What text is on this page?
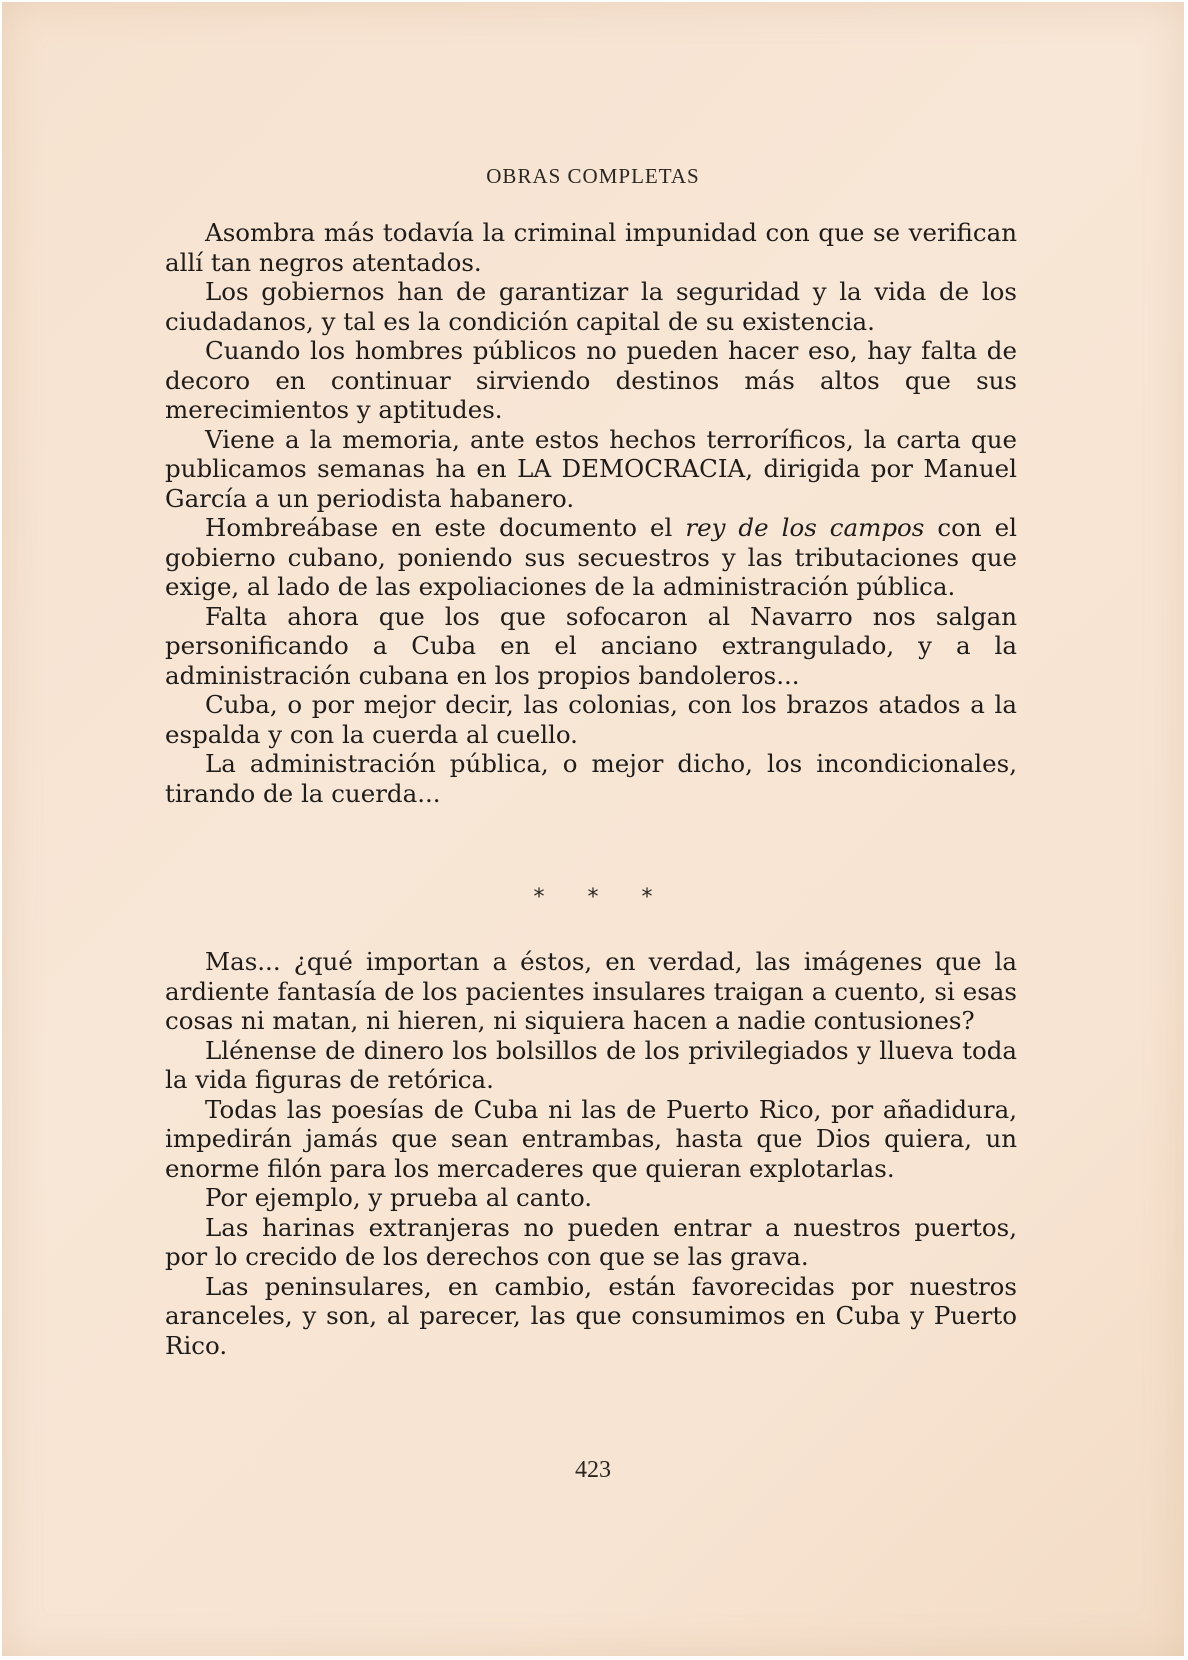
OBRAS COMPLETAS

Asombra más todavía la criminal impunidad con que se verifican allí tan negros atentados.

Los gobiernos han de garantizar la seguridad y la vida de los ciudadanos, y tal es la condición capital de su existencia.

Cuando los hombres públicos no pueden hacer eso, hay falta de decoro en continuar sirviendo destinos más altos que sus merecimientos y aptitudes.

Viene a la memoria, ante estos hechos terroríficos, la carta que publicamos semanas ha en LA DEMOCRACIA, dirigida por Manuel García a un periodista habanero.

Hombreábase en este documento el rey de los campos con el gobierno cubano, poniendo sus secuestros y las tributaciones que exige, al lado de las expoliaciones de la administración pública.

Falta ahora que los que sofocaron al Navarro nos salgan personificando a Cuba en el anciano extrangulado, y a la administración cubana en los propios bandoleros...

Cuba, o por mejor decir, las colonias, con los brazos atados a la espalda y con la cuerda al cuello.

La administración pública, o mejor dicho, los incondicionales, tirando de la cuerda...

* * *

Mas... ¿qué importan a éstos, en verdad, las imágenes que la ardiente fantasía de los pacientes insulares traigan a cuento, si esas cosas ni matan, ni hieren, ni siquiera hacen a nadie contusiones?

Llénense de dinero los bolsillos de los privilegiados y llueva toda la vida figuras de retórica.

Todas las poesías de Cuba ni las de Puerto Rico, por añadidura, impedirán jamás que sean entrambas, hasta que Dios quiera, un enorme filón para los mercaderes que quieran explotarlas.

Por ejemplo, y prueba al canto.

Las harinas extranjeras no pueden entrar a nuestros puertos, por lo crecido de los derechos con que se las grava.

Las peninsulares, en cambio, están favorecidas por nuestros aranceles, y son, al parecer, las que consumimos en Cuba y Puerto Rico.

423
